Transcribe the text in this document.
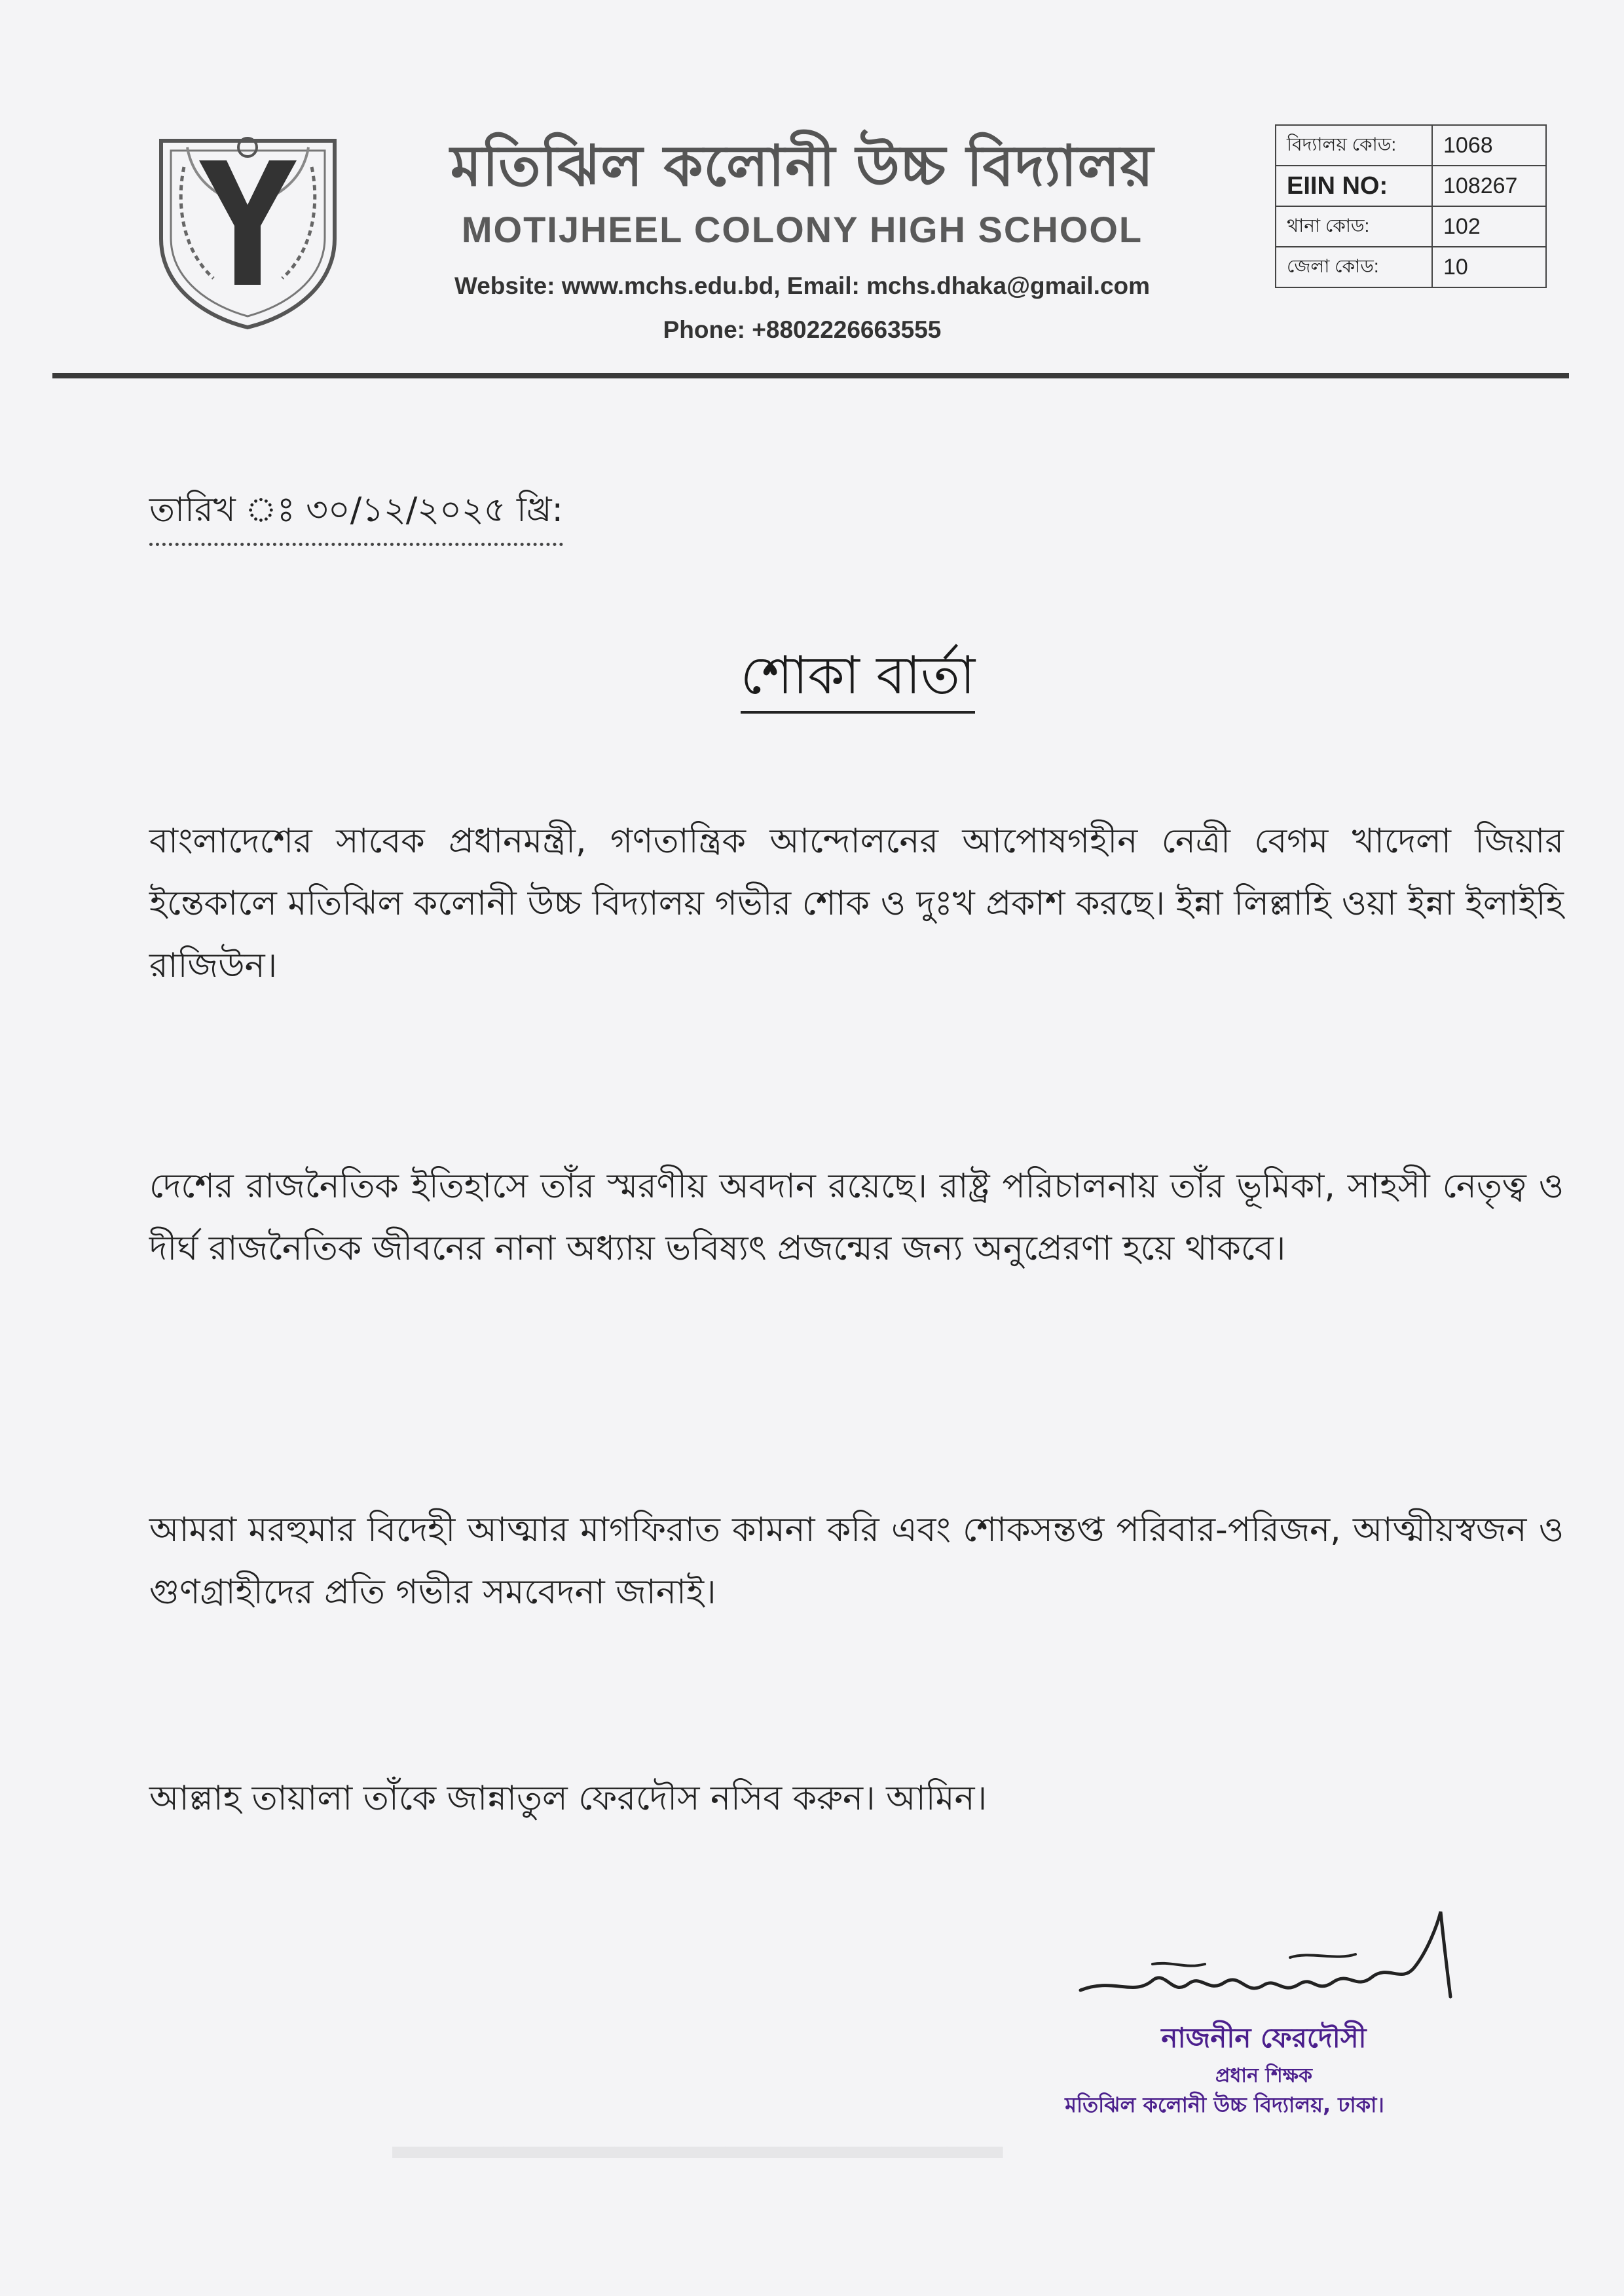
▔▔▔▔▔▔▔▔▔▔▔
মতিঝিল কলোনী উচ্চ বিদ্যালয়
MOTIJHEEL COLONY HIGH SCHOOL
Website: www.mchs.edu.bd, Email: mchs.dhaka@gmail.com
Phone: +8802226663555
বিদ্যালয় কোড:	1068
EIIN NO:	108267
থানা কোড:	102
জেলা কোড:	10
তারিখ ঃ ৩০/১২/২০২৫ খ্রি:
শোকা বার্তা
বাংলাদেশের সাবেক প্রধানমন্ত্রী, গণতান্ত্রিক আন্দোলনের আপোষগহীন নেত্রী বেগম খাদেলা জিয়ার ইন্তেকালে মতিঝিল কলোনী উচ্চ বিদ্যালয় গভীর শোক ও দুঃখ প্রকাশ করছে। ইন্না লিল্লাহি ওয়া ইন্না ইলাইহি রাজিউন।
দেশের রাজনৈতিক ইতিহাসে তাঁর স্মরণীয় অবদান রয়েছে। রাষ্ট্র পরিচালনায় তাঁর ভূমিকা, সাহসী নেতৃত্ব ও দীর্ঘ রাজনৈতিক জীবনের নানা অধ্যায় ভবিষ্যৎ প্রজন্মের জন্য অনুপ্রেরণা হয়ে থাকবে।
আমরা মরহুমার বিদেহী আত্মার মাগফিরাত কামনা করি এবং শোকসন্তপ্ত পরিবার-পরিজন, আত্মীয়স্বজন ও গুণগ্রাহীদের প্রতি গভীর সমবেদনা জানাই।
আল্লাহ তায়ালা তাঁকে জান্নাতুল ফেরদৌস নসিব করুন। আমিন।
নাজনীন ফেরদৌসী
প্রধান শিক্ষক
মতিঝিল কলোনী উচ্চ বিদ্যালয়, ঢাকা।
